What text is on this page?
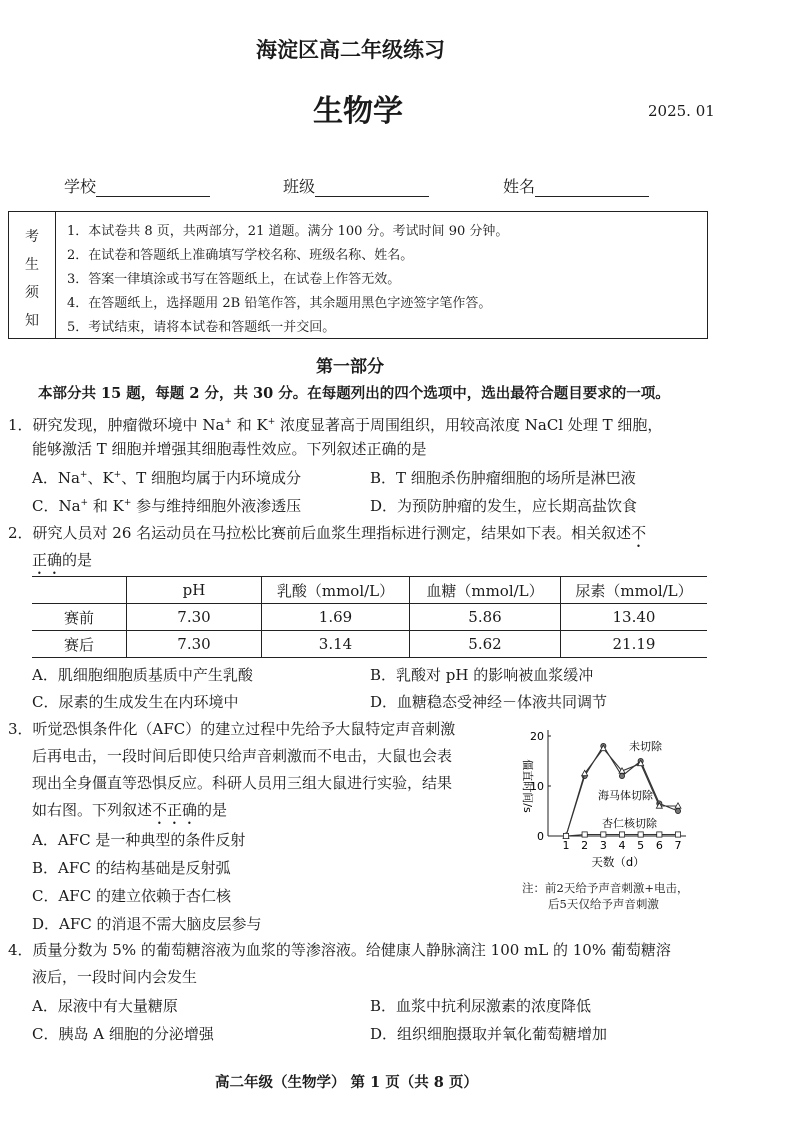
海淀区高二年级练习
生物学	2025. 01
学校	班级	姓名
考
生
须
知
1．本试卷共 8 页，共两部分，21 道题。满分 100 分。考试时间 90 分钟。
2．在试卷和答题纸上准确填写学校名称、班级名称、姓名。
3．答案一律填涂或书写在答题纸上，在试卷上作答无效。
4．在答题纸上，选择题用 2B 铅笔作答，其余题用黑色字迹签字笔作答。
5．考试结束，请将本试卷和答题纸一并交回。
第一部分
本部分共 15 题，每题 2 分，共 30 分。在每题列出的四个选项中，选出最符合题目要求的一项。
1．研究发现，肿瘤微环境中 Na+ 和 K+ 浓度显著高于周围组织，用较高浓度 NaCl 处理 T 细胞，
能够激活 T 细胞并增强其细胞毒性效应。下列叙述正确的是
A．Na+、K+、T 细胞均属于内环境成分	B．T 细胞杀伤肿瘤细胞的场所是淋巴液
C．Na+ 和 K+ 参与维持细胞外液渗透压	D．为预防肿瘤的发生，应长期高盐饮食
2．研究人员对 26 名运动员在马拉松比赛前后血浆生理指标进行测定，结果如下表。相关叙述不
正确的是
	pH	乳酸（mmol/L）	血糖（mmol/L）	尿素（mmol/L）
赛前	7.30	1.69	5.86	13.40
赛后	7.30	3.14	5.62	21.19
A．肌细胞细胞质基质中产生乳酸	B．乳酸对 pH 的影响被血浆缓冲
C．尿素的生成发生在内环境中	D．血糖稳态受神经－体液共同调节
3．听觉恐惧条件化（AFC）的建立过程中先给予大鼠特定声音刺激
后再电击，一段时间后即使只给声音刺激而不电击，大鼠也会表
现出全身僵直等恐惧反应。科研人员用三组大鼠进行实验，结果
如右图。下列叙述不正确的是
A．AFC 是一种典型的条件反射
B．AFC 的结构基础是反射弧
C．AFC 的建立依赖于杏仁核
D．AFC 的消退不需大脑皮层参与
0
10
20
1 2 3 4 5 6 7
天数（d）
僵直时间/s
未切除
海马体切除
杏仁核切除
注：前2天给予声音刺激+电击，
后5天仅给予声音刺激
4．质量分数为 5% 的葡萄糖溶液为血浆的等渗溶液。给健康人静脉滴注 100 mL 的 10% 葡萄糖溶
液后，一段时间内会发生
A．尿液中有大量糖原	B．血浆中抗利尿激素的浓度降低
C．胰岛 A 细胞的分泌增强	D．组织细胞摄取并氧化葡萄糖增加
高二年级（生物学） 第 1 页（共 8 页）
